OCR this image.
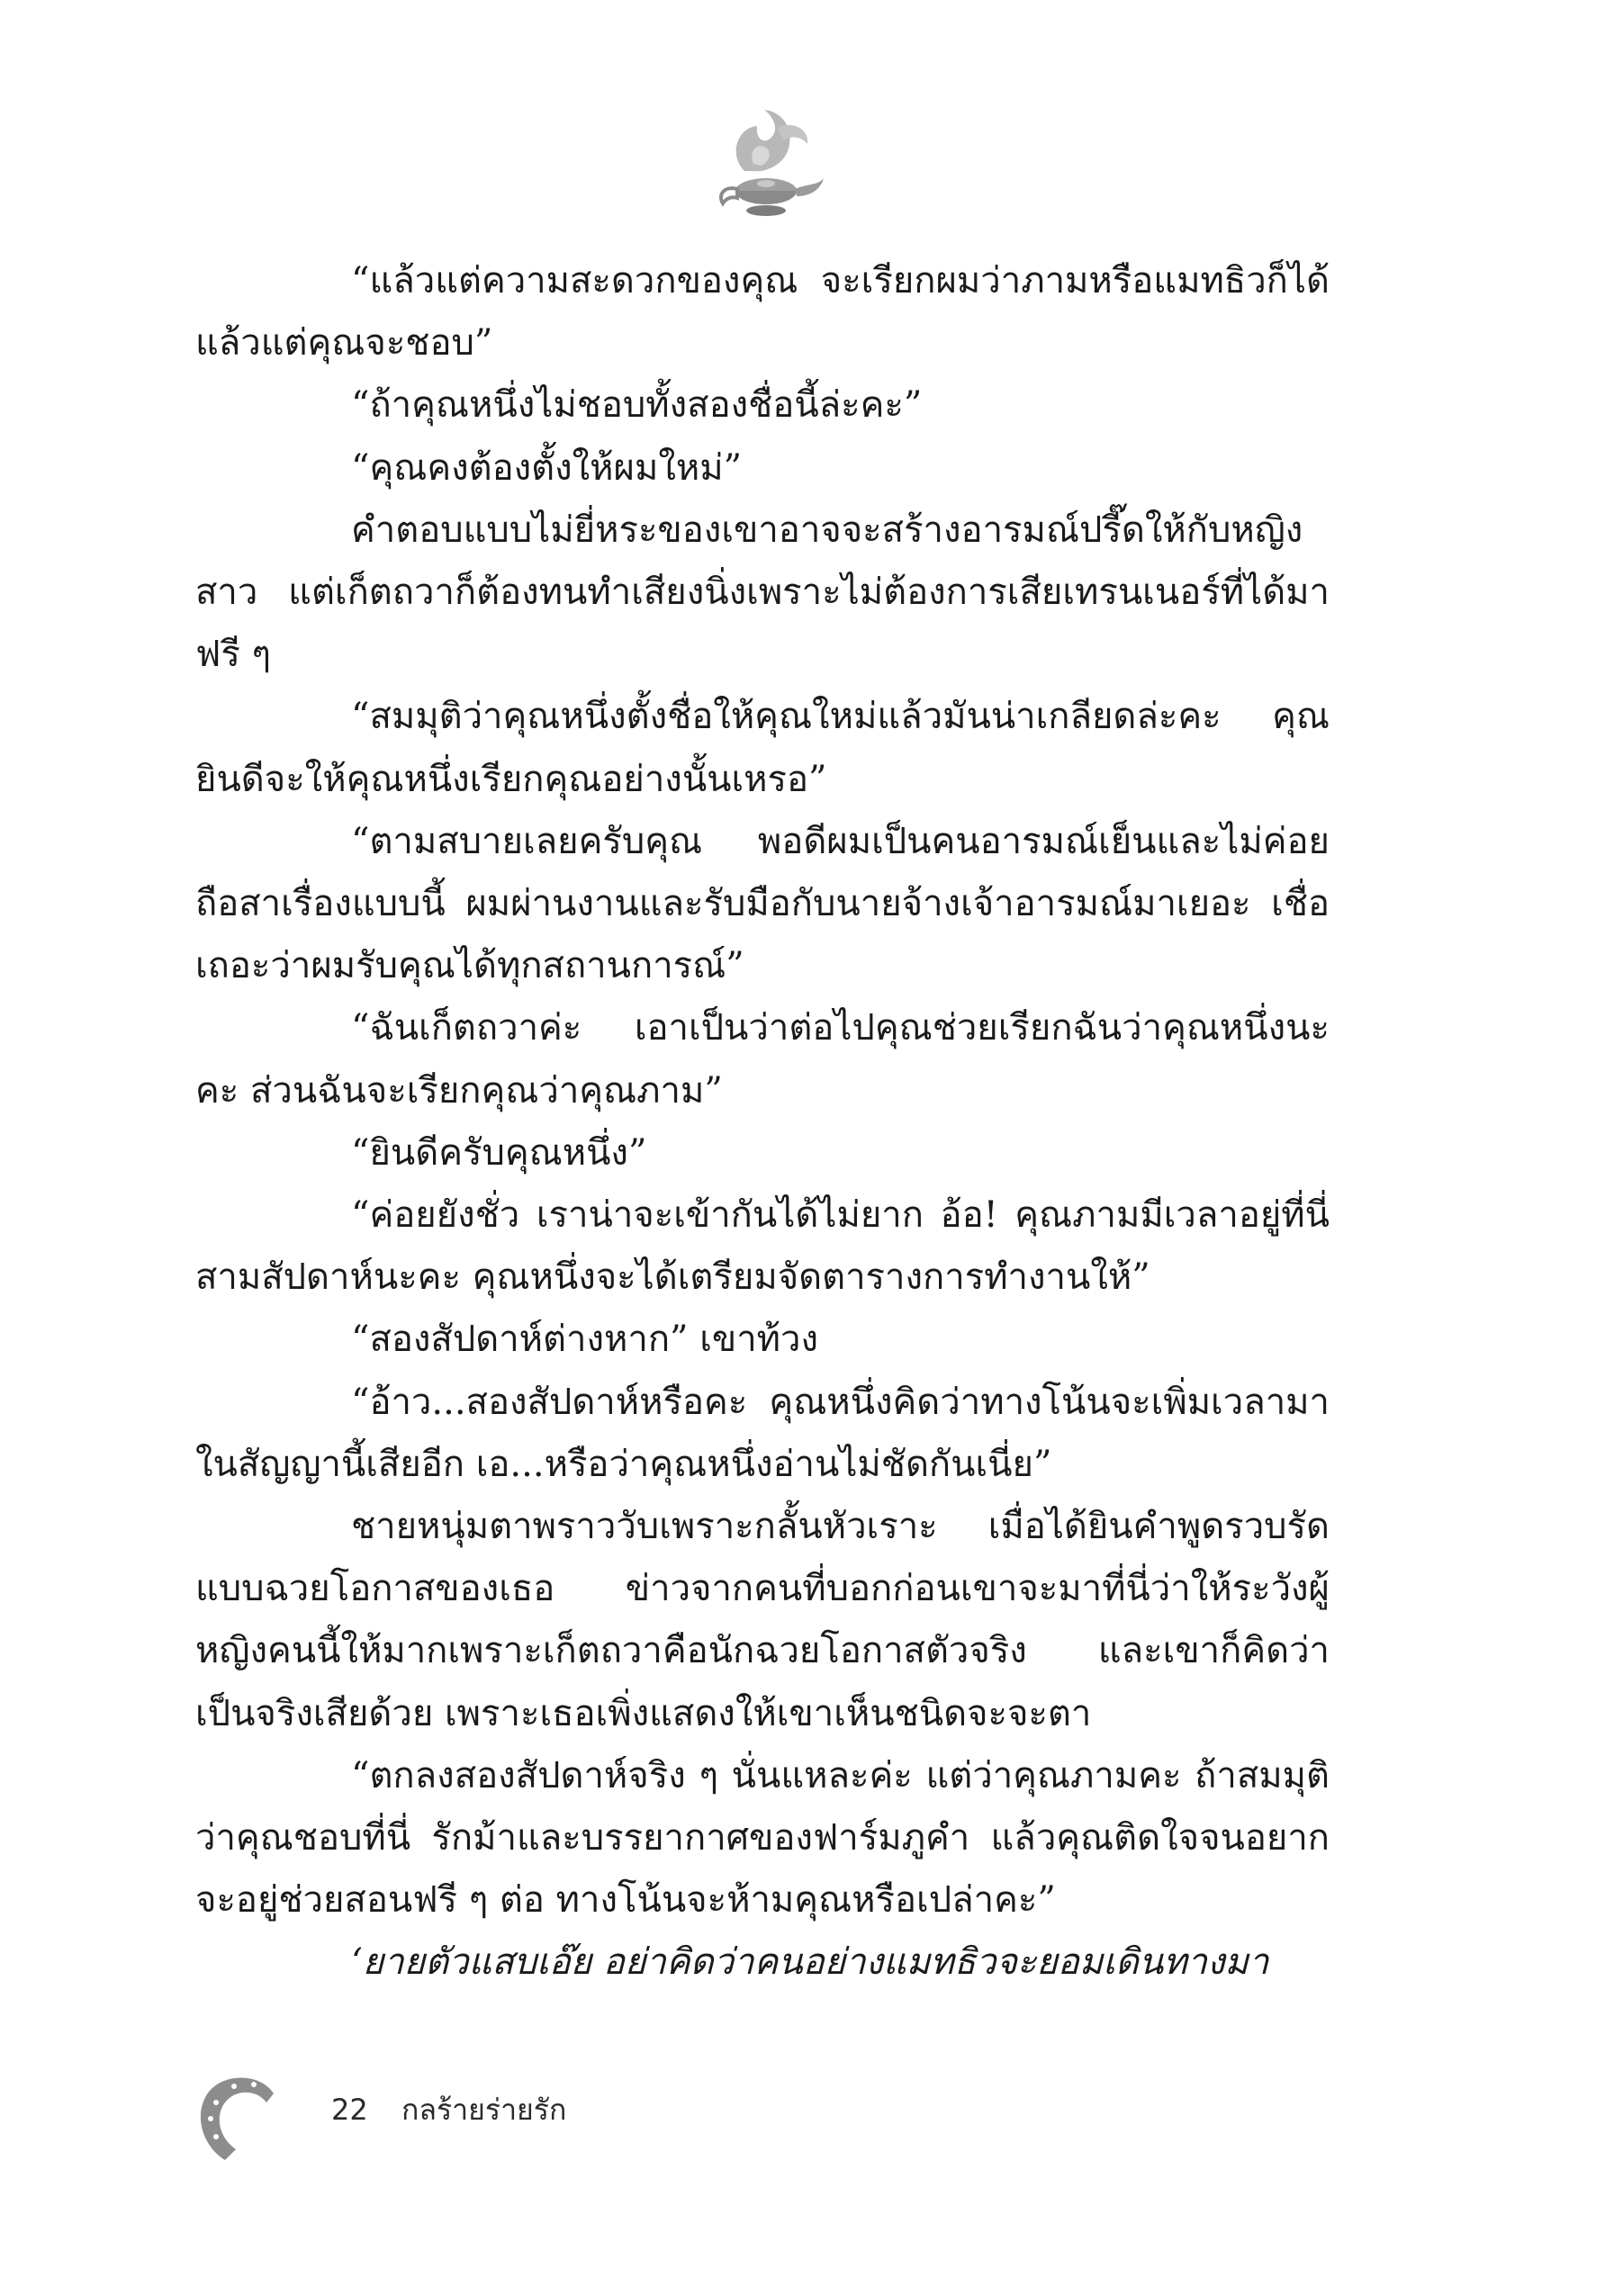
“แล้วแต่ความสะดวกของคุณ จะเรียกผมว่าภามหรือแมทธิวก็ได้ แล้วแต่คุณจะชอบ”

“ถ้าคุณหนึ่งไม่ชอบทั้งสองชื่อนี้ล่ะคะ”

“คุณคงต้องตั้งให้ผมใหม่”

คำตอบแบบไม่ยี่หระของเขาอาจจะสร้างอารมณ์ปรี๊ดให้กับหญิงสาว แต่เก็ตถวาก็ต้องทนทำเสียงนิ่งเพราะไม่ต้องการเสียเทรนเนอร์ที่ได้มาฟรี ๆ

“สมมุติว่าคุณหนึ่งตั้งชื่อให้คุณใหม่แล้วมันน่าเกลียดล่ะคะ คุณยินดีจะให้คุณหนึ่งเรียกคุณอย่างนั้นเหรอ”

“ตามสบายเลยครับคุณ พอดีผมเป็นคนอารมณ์เย็นและไม่ค่อยถือสาเรื่องแบบนี้ ผมผ่านงานและรับมือกับนายจ้างเจ้าอารมณ์มาเยอะ เชื่อเถอะว่าผมรับคุณได้ทุกสถานการณ์”

“ฉันเก็ตถวาค่ะ เอาเป็นว่าต่อไปคุณช่วยเรียกฉันว่าคุณหนึ่งนะคะ ส่วนฉันจะเรียกคุณว่าคุณภาม”

“ยินดีครับคุณหนึ่ง”

“ค่อยยังชั่ว เราน่าจะเข้ากันได้ไม่ยาก อ้อ! คุณภามมีเวลาอยู่ที่นี่สามสัปดาห์นะคะ คุณหนึ่งจะได้เตรียมจัดตารางการทำงานให้”

“สองสัปดาห์ต่างหาก” เขาท้วง

“อ้าว...สองสัปดาห์หรือคะ คุณหนึ่งคิดว่าทางโน้นจะเพิ่มเวลามาในสัญญานี้เสียอีก เอ...หรือว่าคุณหนึ่งอ่านไม่ชัดกันเนี่ย”

ชายหนุ่มตาพราววับเพราะกลั้นหัวเราะ เมื่อได้ยินคำพูดรวบรัดแบบฉวยโอกาสของเธอ ข่าวจากคนที่บอกก่อนเขาจะมาที่นี่ว่าให้ระวังผู้หญิงคนนี้ให้มากเพราะเก็ตถวาคือนักฉวยโอกาสตัวจริง และเขาก็คิดว่าเป็นจริงเสียด้วย เพราะเธอเพิ่งแสดงให้เขาเห็นชนิดจะจะตา

“ตกลงสองสัปดาห์จริง ๆ นั่นแหละค่ะ แต่ว่าคุณภามคะ ถ้าสมมุติว่าคุณชอบที่นี่ รักม้าและบรรยากาศของฟาร์มภูคำ แล้วคุณติดใจจนอยากจะอยู่ช่วยสอนฟรี ๆ ต่อ ทางโน้นจะห้ามคุณหรือเปล่าคะ”

‘ยายตัวแสบเอ๊ย อย่าคิดว่าคนอย่างแมทธิวจะยอมเดินทางมา

22 กลร้ายร่ายรัก
